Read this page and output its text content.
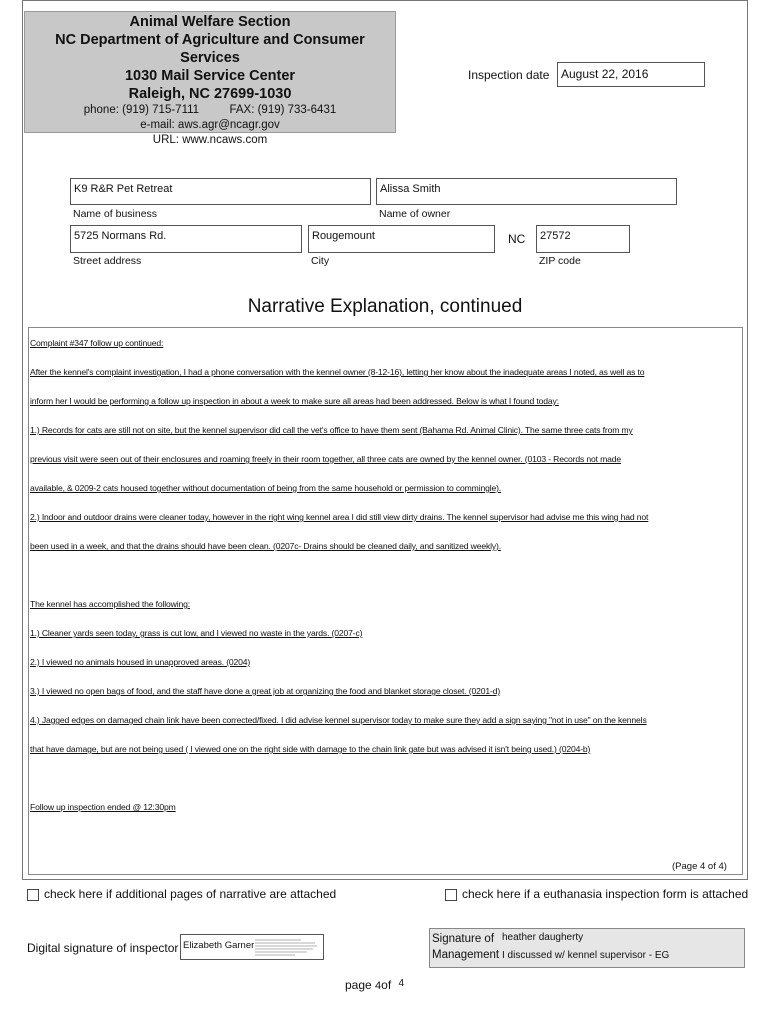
Animal Welfare Section
NC Department of Agriculture and Consumer Services
1030 Mail Service Center
Raleigh, NC 27699-1030
phone: (919) 715-7111	FAX: (919) 733-6431
e-mail: aws.agr@ncagr.gov
URL: www.ncaws.com
Inspection date August 22, 2016
K9 R&R Pet Retreat
Name of business
Alissa Smith
Name of owner
5725 Normans Rd.
Street address
Rougemount
City
NC	27572
ZIP code
Narrative Explanation, continued
Complaint #347 follow up continued:
After the kennel's complaint investigation, I had a phone conversation with the kennel owner (8-12-16), letting her know about the inadequate areas I noted, as well as to
inform her I would be performing a follow up inspection in about a week to make sure all areas had been addressed. Below is what I found today:
1.) Records for cats are still not on site, but the kennel supervisor did call the vet's office to have them sent (Bahama Rd. Animal Clinic). The same three cats from my
previous visit were seen out of their enclosures and roaming freely in their room together, all three cats are owned by the kennel owner. (0103 - Records not made
available, & 0209-2 cats housed together without documentation of being from the same household or permission to commingle).
2.) Indoor and outdoor drains were cleaner today, however in the right wing kennel area I did still view dirty drains. The kennel supervisor had advise me this wing had not
been used in a week, and that the drains should have been clean. (0207c- Drains should be cleaned daily, and sanitized weekly).
The kennel has accomplished the following:
1.) Cleaner yards seen today, grass is cut low, and I viewed no waste in the yards. (0207-c)
2.) I viewed no animals housed in unapproved areas. (0204)
3.) I viewed no open bags of food, and the staff have done a great job at organizing the food and blanket storage closet. (0201-d)
4.) Jagged edges on damaged chain link have been corrected/fixed. I did advise kennel supervisor today to make sure they add a sign saying "not in use" on the kennels
that have damage, but are not being used ( I viewed one on the right side with damage to the chain link gate but was advised it isn't being used.) (0204-b)
Follow up inspection ended @ 12:30pm
(Page 4 of 4)
check here if additional pages of narrative are attached	check here if a euthanasia inspection form is attached
Digital signature of inspector Elizabeth Garner
Signature of
Management
heather daugherty
I discussed w/ kennel supervisor - EG
page 4of $^4$
